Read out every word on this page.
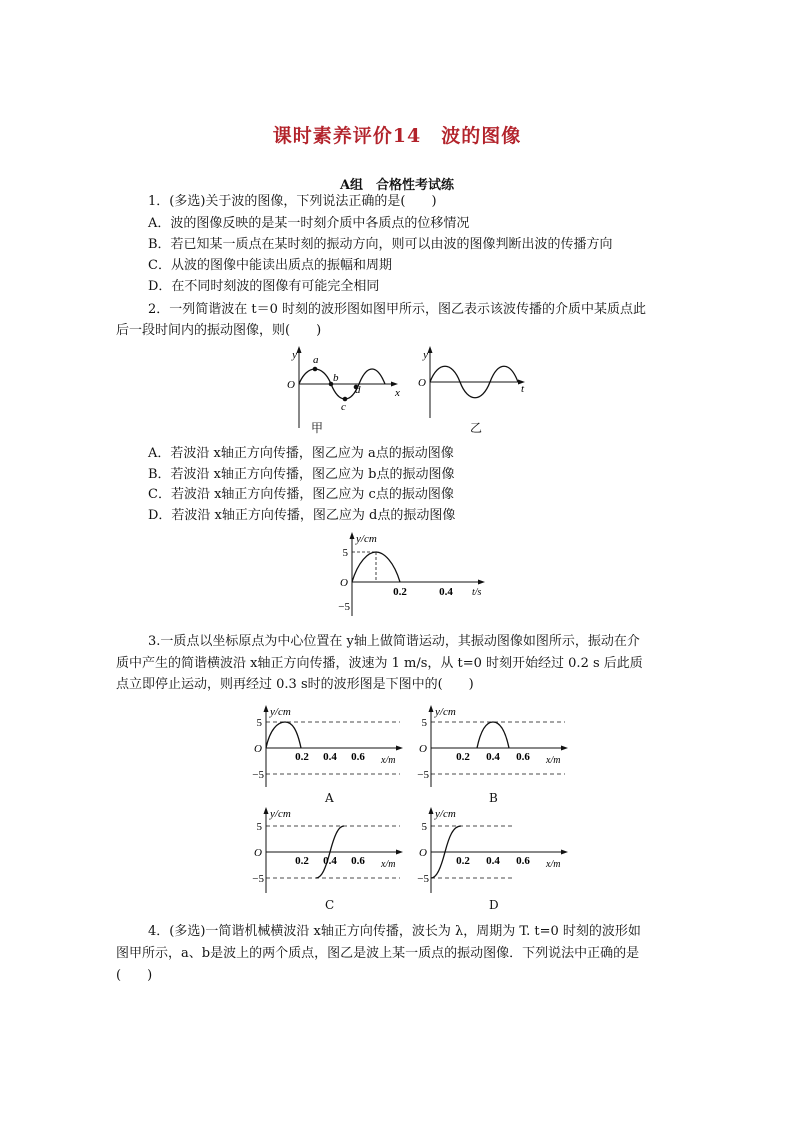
课时素养评价14　波的图像
A组　合格性考试练
1．(多选)关于波的图像，下列说法正确的是(　　)
A．波的图像反映的是某一时刻介质中各质点的位移情况
B．若已知某一质点在某时刻的振动方向，则可以由波的图像判断出波的传播方向
C．从波的图像中能读出质点的振幅和周期
D．在不同时刻波的图像有可能完全相同
2．一列简谐波在 t＝0 时刻的波形图如图甲所示，图乙表示该波传播的介质中某质点此
后一段时间内的振动图像，则(　　)
y
O
x
a
b
c
d
甲
y
O	t
乙
A．若波沿 x轴正方向传播，图乙应为 a点的振动图像
B．若波沿 x轴正方向传播，图乙应为 b点的振动图像
C．若波沿 x轴正方向传播，图乙应为 c点的振动图像
D．若波沿 x轴正方向传播，图乙应为 d点的振动图像
y/cm
5
O
−5
0.2	0.4 t/s
3.一质点以坐标原点为中心位置在 y轴上做简谐运动，其振动图像如图所示，振动在介
质中产生的简谐横波沿 x轴正方向传播，波速为 1 m/s，从 t=0 时刻开始经过 0.2 s 后此质
点立即停止运动，则再经过 0.3 s时的波形图是下图中的(　　)
y/cm
5
O
−5
0.2 0.4 0.6 x/m
A
y/cm
5
O
−5
0.2 0.4 0.6 x/m
B
y/cm
5
O
−5
0.2 0.4 0.6 x/m
C
y/cm
5
O
−5
0.2 0.4 0.6 x/m
D
4．(多选)一简谐机械横波沿 x轴正方向传播，波长为 λ，周期为 T. t=0 时刻的波形如
图甲所示，a、b是波上的两个质点，图乙是波上某一质点的振动图像．下列说法中正确的是
(　　)
